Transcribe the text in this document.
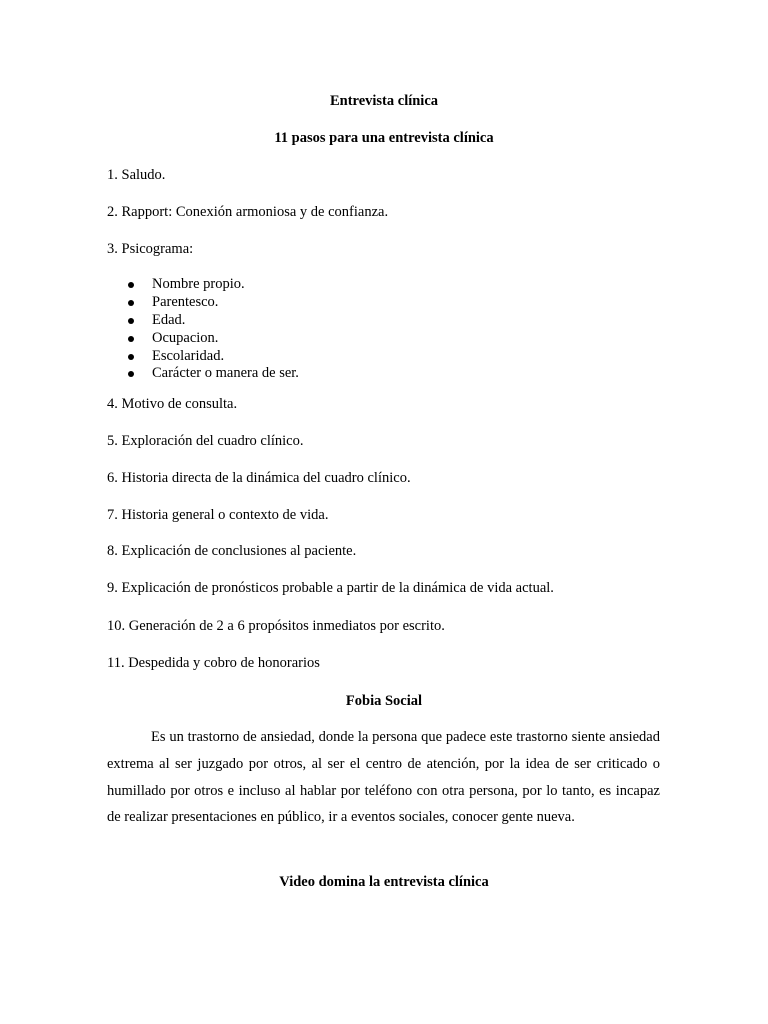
Entrevista clínica
11 pasos para una entrevista clínica
1. Saludo.
2. Rapport: Conexión armoniosa y de confianza.
3. Psicograma:
Nombre propio.
Parentesco.
Edad.
Ocupacion.
Escolaridad.
Carácter o manera de ser.
4. Motivo de consulta.
5. Exploración del cuadro clínico.
6. Historia directa de la dinámica del cuadro clínico.
7. Historia general o contexto de vida.
8. Explicación de conclusiones al paciente.
9. Explicación de pronósticos probable a partir de la dinámica de vida actual.
10. Generación de 2 a 6 propósitos inmediatos por escrito.
11. Despedida y cobro de honorarios
Fobia Social

Es un trastorno de ansiedad, donde la persona que padece este trastorno siente ansiedad extrema al ser juzgado por otros, al ser el centro de atención, por la idea de ser criticado o humillado por otros e incluso al hablar por teléfono con otra persona, por lo tanto, es incapaz de realizar presentaciones en público, ir a eventos sociales, conocer gente nueva.

Video domina la entrevista clínica
